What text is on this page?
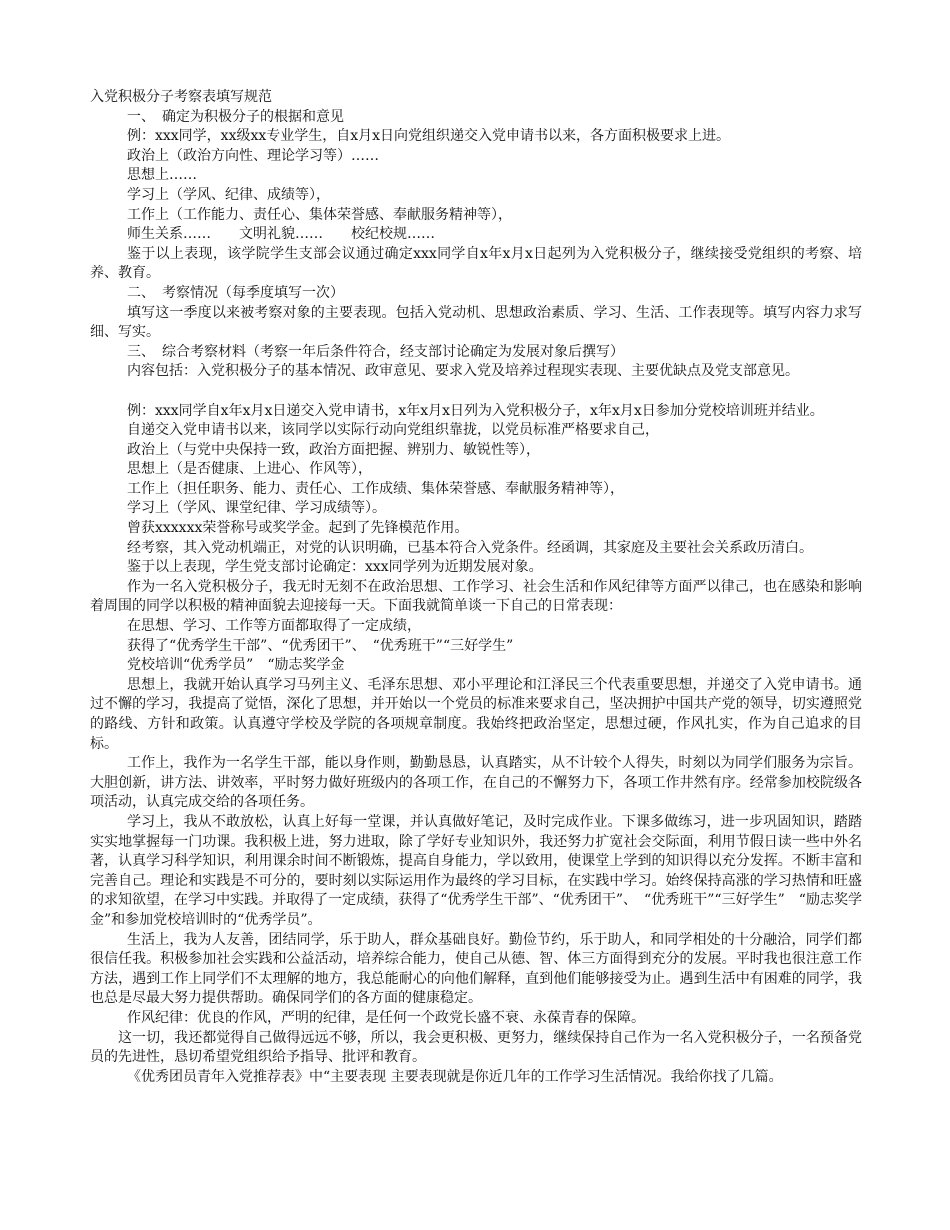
入党积极分子考察表填写规范

一、　确定为积极分子的根据和意见

例：xxx同学，xx级xx专业学生，自x月x日向党组织递交入党申请书以来，各方面积极要求上进。

政治上（政治方向性、理论学习等）……

思想上……

学习上（学风、纪律、成绩等），

工作上（工作能力、责任心、集体荣誉感、奉献服务精神等），

师生关系……　　文明礼貌……　　校纪校规……

鉴于以上表现，该学院学生支部会议通过确定xxx同学自x年x月x日起列为入党积极分子，继续接受党组织的考察、培养、教育。

二、　考察情况（每季度填写一次）

填写这一季度以来被考察对象的主要表现。包括入党动机、思想政治素质、学习、生活、工作表现等。填写内容力求写细、写实。

三、　综合考察材料（考察一年后条件符合，经支部讨论确定为发展对象后撰写）

内容包括：入党积极分子的基本情况、政审意见、要求入党及培养过程现实表现、主要优缺点及党支部意见。

例：xxx同学自x年x月x日递交入党申请书，x年x月x日列为入党积极分子，x年x月x日参加分党校培训班并结业。

自递交入党申请书以来，该同学以实际行动向党组织靠拢，以党员标准严格要求自己，

政治上（与党中央保持一致，政治方面把握、辨别力、敏锐性等），

思想上（是否健康、上进心、作风等），

工作上（担任职务、能力、责任心、工作成绩、集体荣誉感、奉献服务精神等），

学习上（学风、课堂纪律、学习成绩等）。

曾获xxxxxx荣誉称号或奖学金。起到了先锋模范作用。

经考察，其入党动机端正，对党的认识明确，已基本符合入党条件。经函调，其家庭及主要社会关系政历清白。

鉴于以上表现，学生党支部讨论确定：xxx同学列为近期发展对象。

作为一名入党积极分子，我无时无刻不在政治思想、工作学习、社会生活和作风纪律等方面严以律己，也在感染和影响着周围的同学以积极的精神面貌去迎接每一天。下面我就简单谈一下自己的日常表现：

在思想、学习、工作等方面都取得了一定成绩，

获得了“优秀学生干部”、“优秀团干”、　“优秀班干”“三好学生”

党校培训“优秀学员”　“励志奖学金

思想上，我就开始认真学习马列主义、毛泽东思想、邓小平理论和江泽民三个代表重要思想，并递交了入党申请书。通过不懈的学习，我提高了觉悟，深化了思想，并开始以一个党员的标准来要求自己，坚决拥护中国共产党的领导，切实遵照党的路线、方针和政策。认真遵守学校及学院的各项规章制度。我始终把政治坚定，思想过硬，作风扎实，作为自己追求的目标。

工作上，我作为一名学生干部，能以身作则，勤勤恳恳，认真踏实，从不计较个人得失，时刻以为同学们服务为宗旨。大胆创新，讲方法、讲效率，平时努力做好班级内的各项工作，在自己的不懈努力下，各项工作井然有序。经常参加校院级各项活动，认真完成交给的各项任务。

学习上，我从不敢放松，认真上好每一堂课，并认真做好笔记，及时完成作业。下课多做练习，进一步巩固知识，踏踏实实地掌握每一门功课。我积极上进，努力进取，除了学好专业知识外，我还努力扩宽社会交际面，利用节假日读一些中外名著，认真学习科学知识，利用课余时间不断锻炼，提高自身能力，学以致用，使课堂上学到的知识得以充分发挥。不断丰富和完善自己。理论和实践是不可分的，要时刻以实际运用作为最终的学习目标，在实践中学习。始终保持高涨的学习热情和旺盛的求知欲望，在学习中实践。并取得了一定成绩，获得了“优秀学生干部”、“优秀团干”、　“优秀班干”“三好学生”　“励志奖学金”和参加党校培训时的“优秀学员”。

生活上，我为人友善，团结同学，乐于助人，群众基础良好。勤俭节约，乐于助人，和同学相处的十分融洽，同学们都很信任我。积极参加社会实践和公益活动，培养综合能力，使自己从德、智、体三方面得到充分的发展。平时我也很注意工作方法，遇到工作上同学们不太理解的地方，我总能耐心的向他们解释，直到他们能够接受为止。遇到生活中有困难的同学，我也总是尽最大努力提供帮助。确保同学们的各方面的健康稳定。

作风纪律：优良的作风，严明的纪律，是任何一个政党长盛不衰、永葆青春的保障。

这一切，我还都觉得自己做得远远不够，所以，我会更积极、更努力，继续保持自己作为一名入党积极分子，一名预备党员的先进性，恳切希望党组织给予指导、批评和教育。

《优秀团员青年入党推荐表》中“主要表现 主要表现就是你近几年的工作学习生活情况。我给你找了几篇。
